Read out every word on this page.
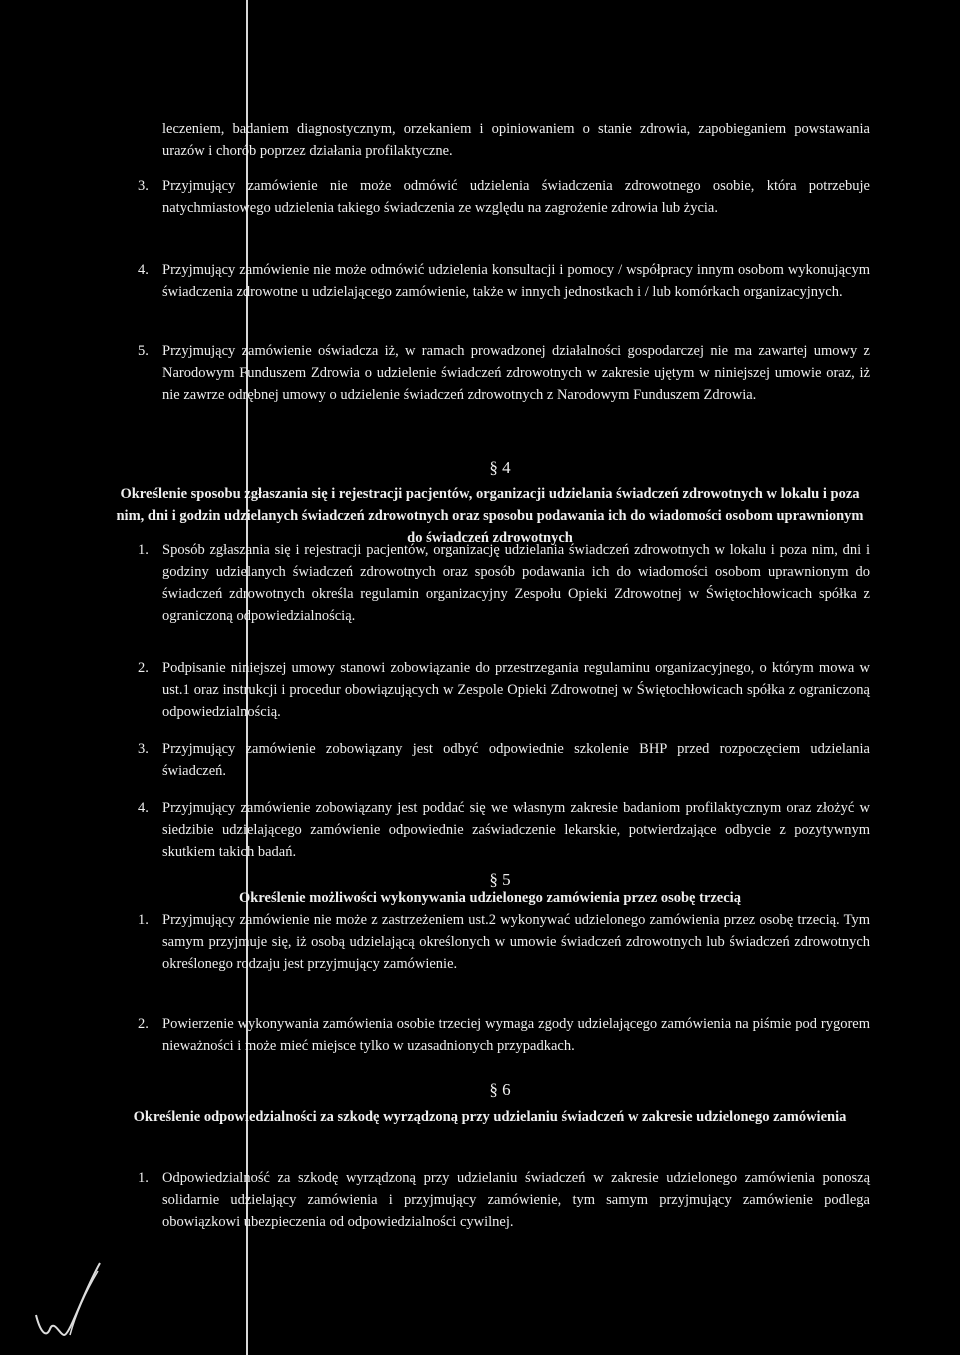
leczeniem, badaniem diagnostycznym, orzekaniem i opiniowaniem o stanie zdrowia, zapobieganiem powstawania urazów i chorób poprzez działania profilaktyczne.
3. Przyjmujący zamówienie nie może odmówić udzielenia świadczenia zdrowotnego osobie, która potrzebuje natychmiastowego udzielenia takiego świadczenia ze względu na zagrożenie zdrowia lub życia.
4. Przyjmujący zamówienie nie może odmówić udzielenia konsultacji i pomocy / współpracy innym osobom wykonującym świadczenia zdrowotne u udzielającego zamówienie, także w innych jednostkach i / lub komórkach organizacyjnych.
5. Przyjmujący zamówienie oświadcza iż, w ramach prowadzonej działalności gospodarczej nie ma zawartej umowy z Narodowym Funduszem Zdrowia o udzielenie świadczeń zdrowotnych w zakresie ujętym w niniejszej umowie oraz, iż nie zawrze odrębnej umowy o udzielenie świadczeń zdrowotnych z Narodowym Funduszem Zdrowia.
§ 4
Określenie sposobu zgłaszania się i rejestracji pacjentów, organizacji udzielania świadczeń zdrowotnych w lokalu i poza nim, dni i godzin udzielanych świadczeń zdrowotnych oraz sposobu podawania ich do wiadomości osobom uprawnionym do świadczeń zdrowotnych
1. Sposób zgłaszania się i rejestracji pacjentów, organizację udzielania świadczeń zdrowotnych w lokalu i poza nim, dni i godziny udzielanych świadczeń zdrowotnych oraz sposób podawania ich do wiadomości osobom uprawnionym do świadczeń zdrowotnych określa regulamin organizacyjny Zespołu Opieki Zdrowotnej w Świętochłowicach spółka z ograniczoną odpowiedzialnością.
2. Podpisanie niniejszej umowy stanowi zobowiązanie do przestrzegania regulaminu organizacyjnego, o którym mowa w ust.1 oraz instrukcji i procedur obowiązujących w Zespole Opieki Zdrowotnej w Świętochłowicach spółka z ograniczoną odpowiedzialnością.
3. Przyjmujący zamówienie zobowiązany jest odbyć odpowiednie szkolenie BHP przed rozpoczęciem udzielania świadczeń.
4. Przyjmujący zamówienie zobowiązany jest poddać się we własnym zakresie badaniom profilaktycznym oraz złożyć w siedzibie udzielającego zamówienie odpowiednie zaświadczenie lekarskie, potwierdzające odbycie z pozytywnym skutkiem takich badań.
§ 5
Określenie możliwości wykonywania udzielonego zamówienia przez osobę trzecią
1. Przyjmujący zamówienie nie może z zastrzeżeniem ust.2 wykonywać udzielonego zamówienia przez osobę trzecią. Tym samym przyjmuje się, iż osobą udzielającą określonych w umowie świadczeń zdrowotnych lub świadczeń zdrowotnych określonego rodzaju jest przyjmujący zamówienie.
2. Powierzenie wykonywania zamówienia osobie trzeciej wymaga zgody udzielającego zamówienia na piśmie pod rygorem nieważności i może mieć miejsce tylko w uzasadnionych przypadkach.
§ 6
Określenie odpowiedzialności za szkodę wyrządzoną przy udzielaniu świadczeń w zakresie udzielonego zamówienia
1. Odpowiedzialność za szkodę wyrządzoną przy udzielaniu świadczeń w zakresie udzielonego zamówienia ponoszą solidarnie udzielający zamówienia i przyjmujący zamówienie, tym samym przyjmujący zamówienie podlega obowiązkowi ubezpieczenia od odpowiedzialności cywilnej.
